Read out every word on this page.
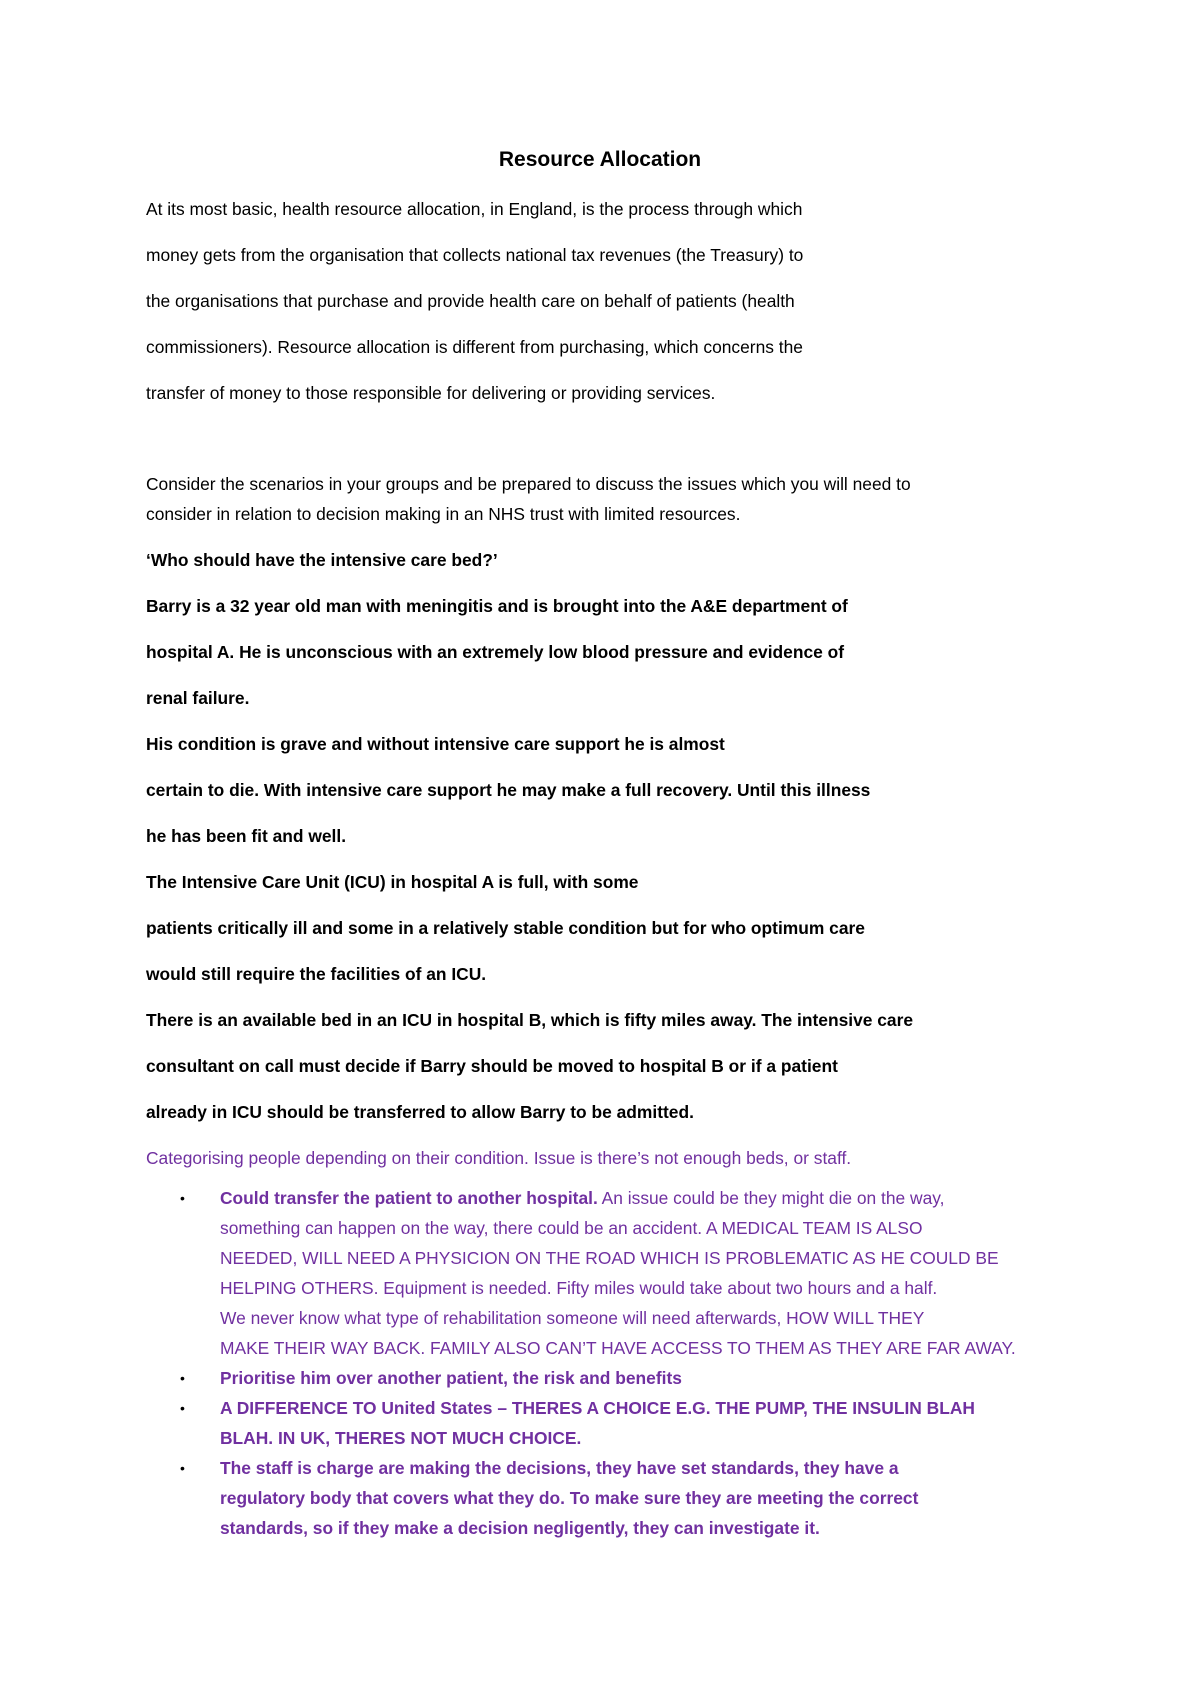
Resource Allocation
At its most basic, health resource allocation, in England, is the process through which
money gets from the organisation that collects national tax revenues (the Treasury) to
the organisations that purchase and provide health care on behalf of patients (health
commissioners). Resource allocation is different from purchasing, which concerns the
transfer of money to those responsible for delivering or providing services.
Consider the scenarios in your groups and be prepared to discuss the issues which you will need to
consider in relation to decision making in an NHS trust with limited resources.
‘Who should have the intensive care bed?’
Barry is a 32 year old man with meningitis and is brought into the A&E department of
hospital A. He is unconscious with an extremely low blood pressure and evidence of
renal failure.
His condition is grave and without intensive care support he is almost
certain to die. With intensive care support he may make a full recovery. Until this illness
he has been fit and well.
The Intensive Care Unit (ICU) in hospital A is full, with some
patients critically ill and some in a relatively stable condition but for who optimum care
would still require the facilities of an ICU.
There is an available bed in an ICU in hospital B, which is fifty miles away. The intensive care
consultant on call must decide if Barry should be moved to hospital B or if a patient
already in ICU should be transferred to allow Barry to be admitted.
Categorising people depending on their condition. Issue is there’s not enough beds, or staff.
• Could transfer the patient to another hospital. An issue could be they might die on the way,
something can happen on the way, there could be an accident. A MEDICAL TEAM IS ALSO
NEEDED, WILL NEED A PHYSICION ON THE ROAD WHICH IS PROBLEMATIC AS HE COULD BE
HELPING OTHERS. Equipment is needed. Fifty miles would take about two hours and a half.
We never know what type of rehabilitation someone will need afterwards, HOW WILL THEY
MAKE THEIR WAY BACK. FAMILY ALSO CAN’T HAVE ACCESS TO THEM AS THEY ARE FAR AWAY.
• Prioritise him over another patient, the risk and benefits
• A DIFFERENCE TO United States – THERES A CHOICE E.G. THE PUMP, THE INSULIN BLAH
BLAH. IN UK, THERES NOT MUCH CHOICE.
• The staff is charge are making the decisions, they have set standards, they have a
regulatory body that covers what they do. To make sure they are meeting the correct
standards, so if they make a decision negligently, they can investigate it.
